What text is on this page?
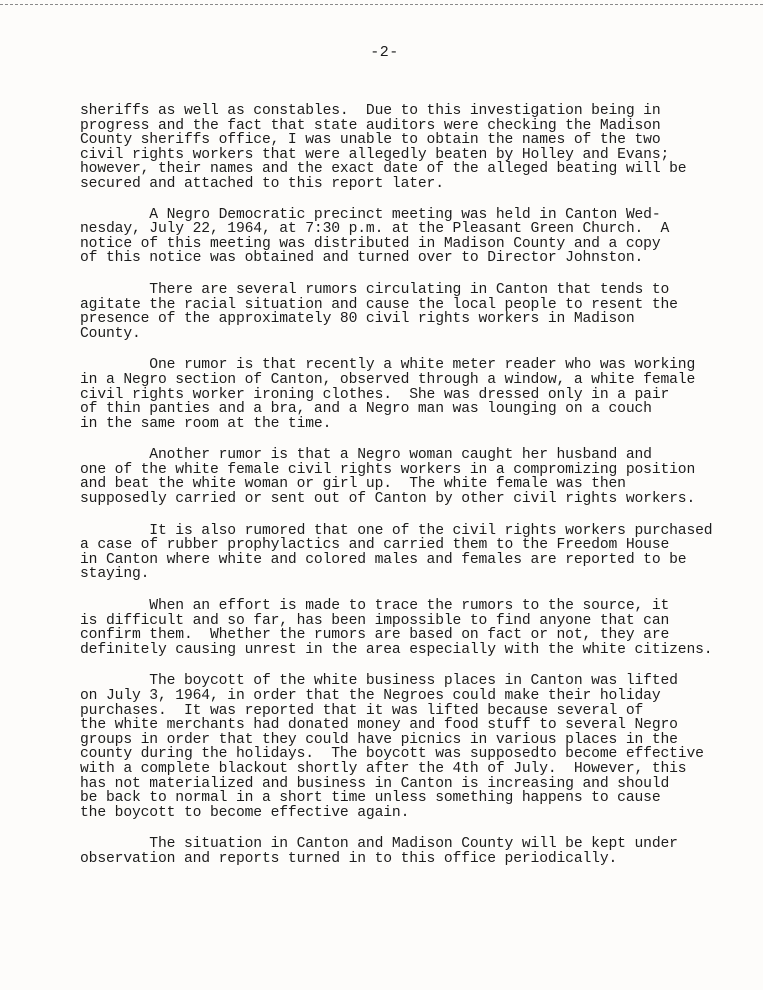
-2-
sheriffs as well as constables.  Due to this investigation being in
progress and the fact that state auditors were checking the Madison
County sheriffs office, I was unable to obtain the names of the two
civil rights workers that were allegedly beaten by Holley and Evans;
however, their names and the exact date of the alleged beating will be
secured and attached to this report later.
A Negro Democratic precinct meeting was held in Canton Wed-
nesday, July 22, 1964, at 7:30 p.m. at the Pleasant Green Church.  A
notice of this meeting was distributed in Madison County and a copy
of this notice was obtained and turned over to Director Johnston.
There are several rumors circulating in Canton that tends to
agitate the racial situation and cause the local people to resent the
presence of the approximately 80 civil rights workers in Madison
County.
One rumor is that recently a white meter reader who was working
in a Negro section of Canton, observed through a window, a white female
civil rights worker ironing clothes.  She was dressed only in a pair
of thin panties and a bra, and a Negro man was lounging on a couch
in the same room at the time.
Another rumor is that a Negro woman caught her husband and
one of the white female civil rights workers in a compromizing position
and beat the white woman or girl up.  The white female was then
supposedly carried or sent out of Canton by other civil rights workers.
It is also rumored that one of the civil rights workers purchased
a case of rubber prophylactics and carried them to the Freedom House
in Canton where white and colored males and females are reported to be
staying.
When an effort is made to trace the rumors to the source, it
is difficult and so far, has been impossible to find anyone that can
confirm them.  Whether the rumors are based on fact or not, they are
definitely causing unrest in the area especially with the white citizens.
The boycott of the white business places in Canton was lifted
on July 3, 1964, in order that the Negroes could make their holiday
purchases.  It was reported that it was lifted because several of
the white merchants had donated money and food stuff to several Negro
groups in order that they could have picnics in various places in the
county during the holidays.  The boycott was supposedto become effective
with a complete blackout shortly after the 4th of July.  However, this
has not materialized and business in Canton is increasing and should
be back to normal in a short time unless something happens to cause
the boycott to become effective again.
The situation in Canton and Madison County will be kept under
observation and reports turned in to this office periodically.
